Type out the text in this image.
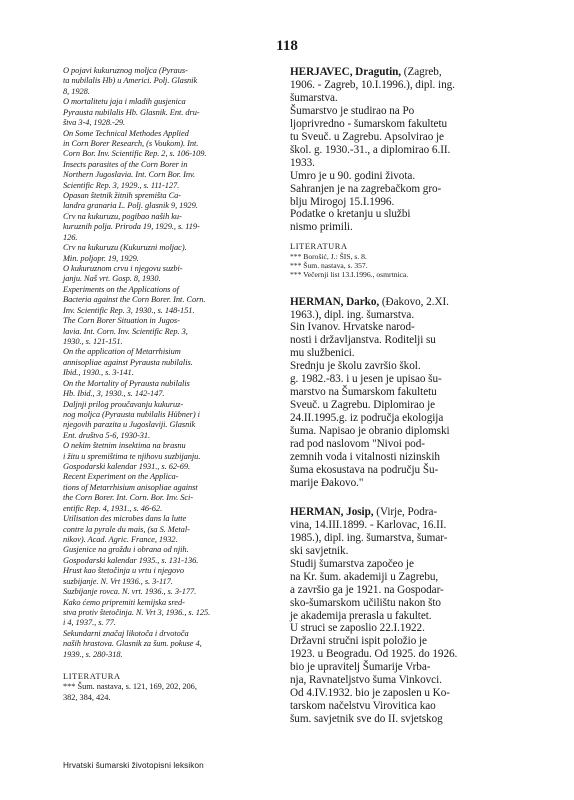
118
O pojavi kukuruznog moljca (Pyraus-
ta nubilalis Hb) u Americi. Polj. Glasnik
8, 1928.
O mortalitetu jaja i mladih gusjenica
Pyrausta nubilalis Hb. Glasnik. Ent. dru-
štva 3-4, 1928.-29.
On Some Technical Methodes Applied
in Corn Borer Research, (s Voukom). Int.
Corn Bor. Inv. Scientific Rep. 2, s. 106-109.
Insects parasites of the Corn Borer in
Northern Jugoslavia. Int. Corn Bor. Inv.
Scientific Rep. 3, 1929., s. 111-127.
Opasan štetnik žitnih spremišta Ca-
landra granaria L. Polj. glasnik 9, 1929.
Crv na kukuruzu, pogibao naših ku-
kuruznih polja. Priroda 19, 1929., s. 119-
126.
Crv na kukuruzu (Kukuruzni moljac).
Min. poljopr. 19, 1929.
O kukuruznom crvu i njegovu suzbi-
janju. Naš vrt. Gosp. 8, 1930.
Experiments on the Applications of
Bacteria against the Corn Borer. Int. Corn.
Inv. Scientific Rep. 3, 1930., s. 148-151.
The Corn Borer Situation in Jugos-
lavia. Int. Corn. Inv. Scientific Rep. 3,
1930., s. 121-151.
On the application of Metarrhisium
annisopliae against Pyrausta nubilalis.
Ibid., 1930., s. 3-141.
On the Mortality of Pyrausta nubilalis
Hb. Ibid., 3, 1930., s. 142-147.
Daljnji prilog proučavanju kukuruz-
nog moljca (Pyrausta nubilalis Hübner) i
njegovih parazita u Jugoslaviji. Glasnik
Ent. društva 5-6, 1930-31.
O nekim štetnim insektima na brasnu
i žitu u spremištima te njihovu suzbijanju.
Gospodarski kalendar 1931., s. 62-69.
Recent Experiment on the Applica-
tions of Metarrhisium anisopliae against
the Corn Borer. Int. Corn. Bor. Inv. Sci-
entific Rep. 4, 1931., s. 46-62.
Utilisation des microbes dans la lutte
contre la pyrale du mais, (sa S. Metal-
nikov). Acad. Agric. France, 1932.
Gusjenice na grožđu i obrana od njih.
Gospodarski kalendar 1935., s. 131-136.
Hrust kao štetočinja u vrtu i njegovo
suzbijanje. N. Vrt 1936., s. 3-117.
Suzbijanje rovca. N. vrt. 1936., s. 3-177.
Kako ćemo pripremiti kemijska sred-
stva protiv štetočinja. N. Vrt 3, 1936., s. 125.
i 4, 1937., s. 77.
Sekundarni značaj likotoča i drvotoča
naših hrastova. Glasnik za šum. pokuse 4,
1939., s. 280-318.
LITERATURA
*** Šum. nastava, s. 121, 169, 202, 206,
382, 384, 424.
HERJAVEC, Dragutin, (Zagreb,
1906. - Zagreb, 10.I.1996.), dipl. ing.
šumarstva.
Šumarstvo je studirao na Po
ljoprivredno - šumarskom fakultetu
tu Sveuč. u Zagrebu. Apsolvirao je
škol. g. 1930.-31., a diplomirao 6.II.
1933.
Umro je u 90. godini života.
Sahranjen je na zagrebačkom gro-
blju Mirogoj 15.I.1996.
Podatke o kretanju u službi
nismo primili.
LITERATURA
*** Borošić, J.: ŠIS, s. 8.
*** Šum. nastava, s. 357.
*** Večernji list 13.I.1996., osmrtnica.
HERMAN, Darko, (Đakovo, 2.XI.
1963.), dipl. ing. šumarstva.
Sin Ivanov. Hrvatske narod-
nosti i državljanstva. Roditelji su
mu službenici.
Srednju je školu završio škol.
g. 1982.-83. i u jesen je upisao šu-
marstvo na Šumarskom fakultetu
Sveuč. u Zagrebu. Diplomirao je
24.II.1995.g. iz područja ekologija
šuma. Napisao je obranio diplomski
rad pod naslovom "Nivoi pod-
zemnih voda i vitalnosti nizinskih
šuma ekosustava na području Šu-
marije Đakovo."
HERMAN, Josip, (Virje, Podra-
vina, 14.III.1899. - Karlovac, 16.II.
1985.), dipl. ing. šumarstva, šumar-
ski savjetnik.
Studij šumarstva započeo je
na Kr. šum. akademiji u Zagrebu,
a završio ga je 1921. na Gospodar-
sko-šumarskom učilištu nakon što
je akademija prerasla u fakultet.
U struci se zaposlio 22.I.1922.
Državni stručni ispit položio je
1923. u Beogradu. Od 1925. do 1926.
bio je upravitelj Šumarije Vrba-
nja, Ravnateljstvo šuma Vinkovci.
Od 4.IV.1932. bio je zaposlen u Ko-
tarskom načelstvu Virovitica kao
šum. savjetnik sve do II. svjetskog
Hrvatski šumarski životopisni leksikon
